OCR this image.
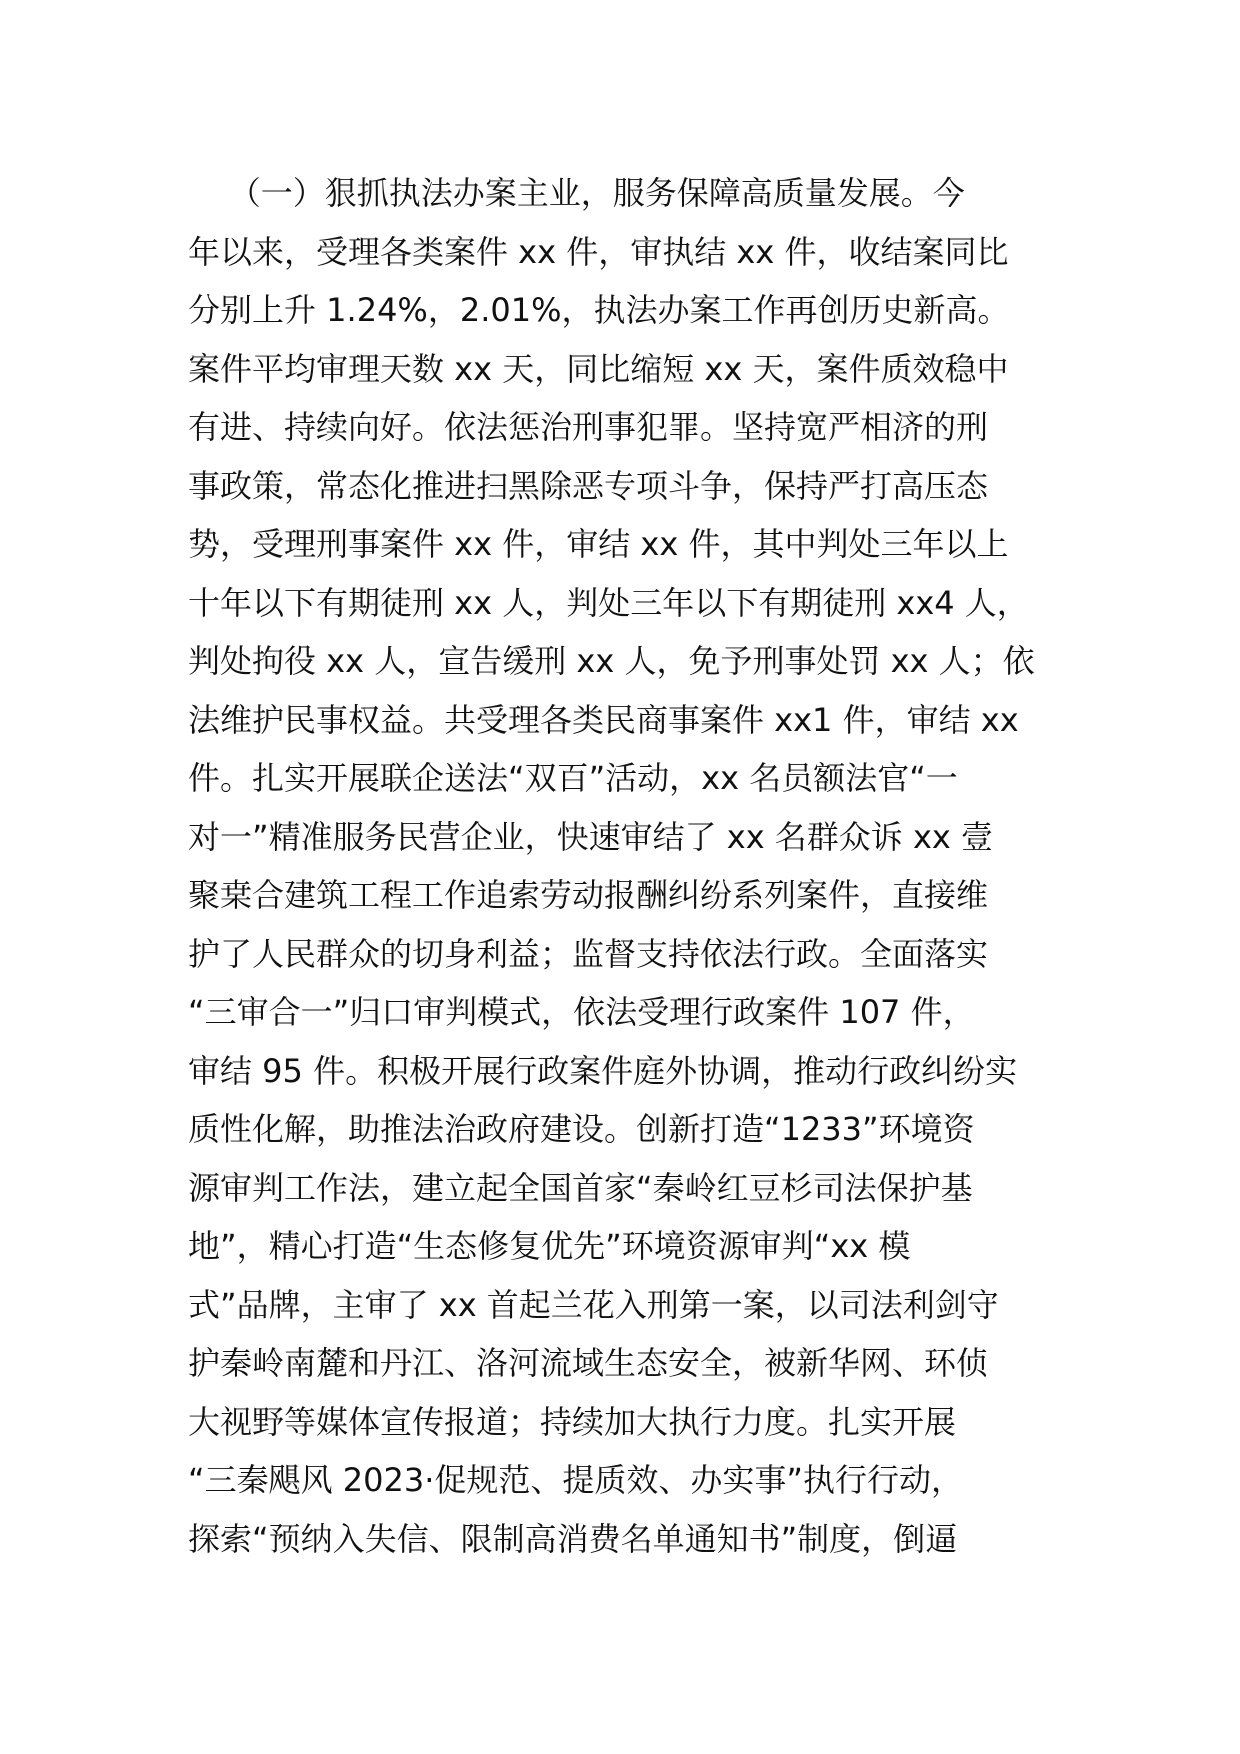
（一）狠抓执法办案主业，服务保障高质量发展。今
年以来，受理各类案件 xx 件，审执结 xx 件，收结案同比
分别上升 1.24%，2.01%，执法办案工作再创历史新高。
案件平均审理天数 xx 天，同比缩短 xx 天，案件质效稳中
有进、持续向好。依法惩治刑事犯罪。坚持宽严相济的刑
事政策，常态化推进扫黑除恶专项斗争，保持严打高压态
势，受理刑事案件 xx 件，审结 xx 件，其中判处三年以上
十年以下有期徒刑 xx 人，判处三年以下有期徒刑 xx4 人，
判处拘役 xx 人，宣告缓刑 xx 人，免予刑事处罚 xx 人；依
法维护民事权益。共受理各类民商事案件 xx1 件，审结 xx
件。扎实开展联企送法“双百”活动，xx 名员额法官“一
对一”精准服务民营企业，快速审结了 xx 名群众诉 xx 壹
聚枽合建筑工程工作追索劳动报酬纠纷系列案件，直接维
护了人民群众的切身利益；监督支持依法行政。全面落实
“三审合一”归口审判模式，依法受理行政案件 107 件，
审结 95 件。积极开展行政案件庭外协调，推动行政纠纷实
质性化解，助推法治政府建设。创新打造“1233”环境资
源审判工作法，建立起全国首家“秦岭红豆杉司法保护基
地”，精心打造“生态修复优先”环境资源审判“xx 模
式”品牌，主审了 xx 首起兰花入刑第一案，以司法利剑守
护秦岭南麓和丹江、洛河流域生态安全，被新华网、环侦
大视野等媒体宣传报道；持续加大执行力度。扎实开展
“三秦飓风 2023·促规范、提质效、办实事”执行行动，
探索“预纳入失信、限制高消费名单通知书”制度，倒逼
